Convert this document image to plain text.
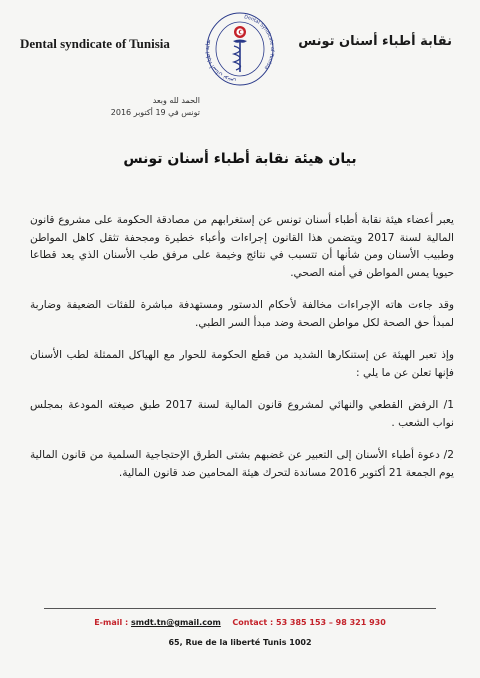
Dental syndicate of Tunisia
نقابة أطباء أسنان تونس
Dental Syndicate of Tunisia
نقابة أطباء أسنان تونس
الحمد لله وبعد
تونس في 19 أكتوبر 2016
بيان هيئة نقابة أطباء أسنان تونس

يعبر أعضاء هيئة نقابة أطباء أسنان تونس عن إستغرابهم من مصادقة الحكومة على مشروع قانون المالية لسنة 2017 ويتضمن هذا القانون إجراءات وأعباء خطيرة ومجحفة تثقل كاهل المواطن وطبيب الأسنان ومن شأنها أن تتسبب في نتائج وخيمة على مرفق طب الأسنان الذي يعد قطاعا حيويا يمس المواطن في أمنه الصحي.

وقد جاءت هاته الإجراءات مخالفة لأحكام الدستور ومستهدفة مباشرة للفئات الضعيفة وضاربة لمبدأ حق الصحة لكل مواطن الصحة وضد مبدأ السر الطبي.

وإذ تعبر الهيئة عن إستنكارها الشديد من قطع الحكومة للحوار مع الهياكل الممثلة لطب الأسنان فإنها تعلن عن ما يلي :

1/ الرفض القطعي والنهائي لمشروع قانون المالية لسنة 2017 طبق صيغته المودعة بمجلس نواب الشعب .

2/ دعوة أطباء الأسنان إلى التعبير عن غضبهم بشتى الطرق الإحتجاجية السلمية من قانون المالية يوم الجمعة 21 أكتوبر 2016 مساندة لتحرك هيئة المحامين ضد قانون المالية.

E-mail : smdt.tn@gmail.com Contact : 53 385 153 – 98 321 930
65, Rue de la liberté Tunis 1002
